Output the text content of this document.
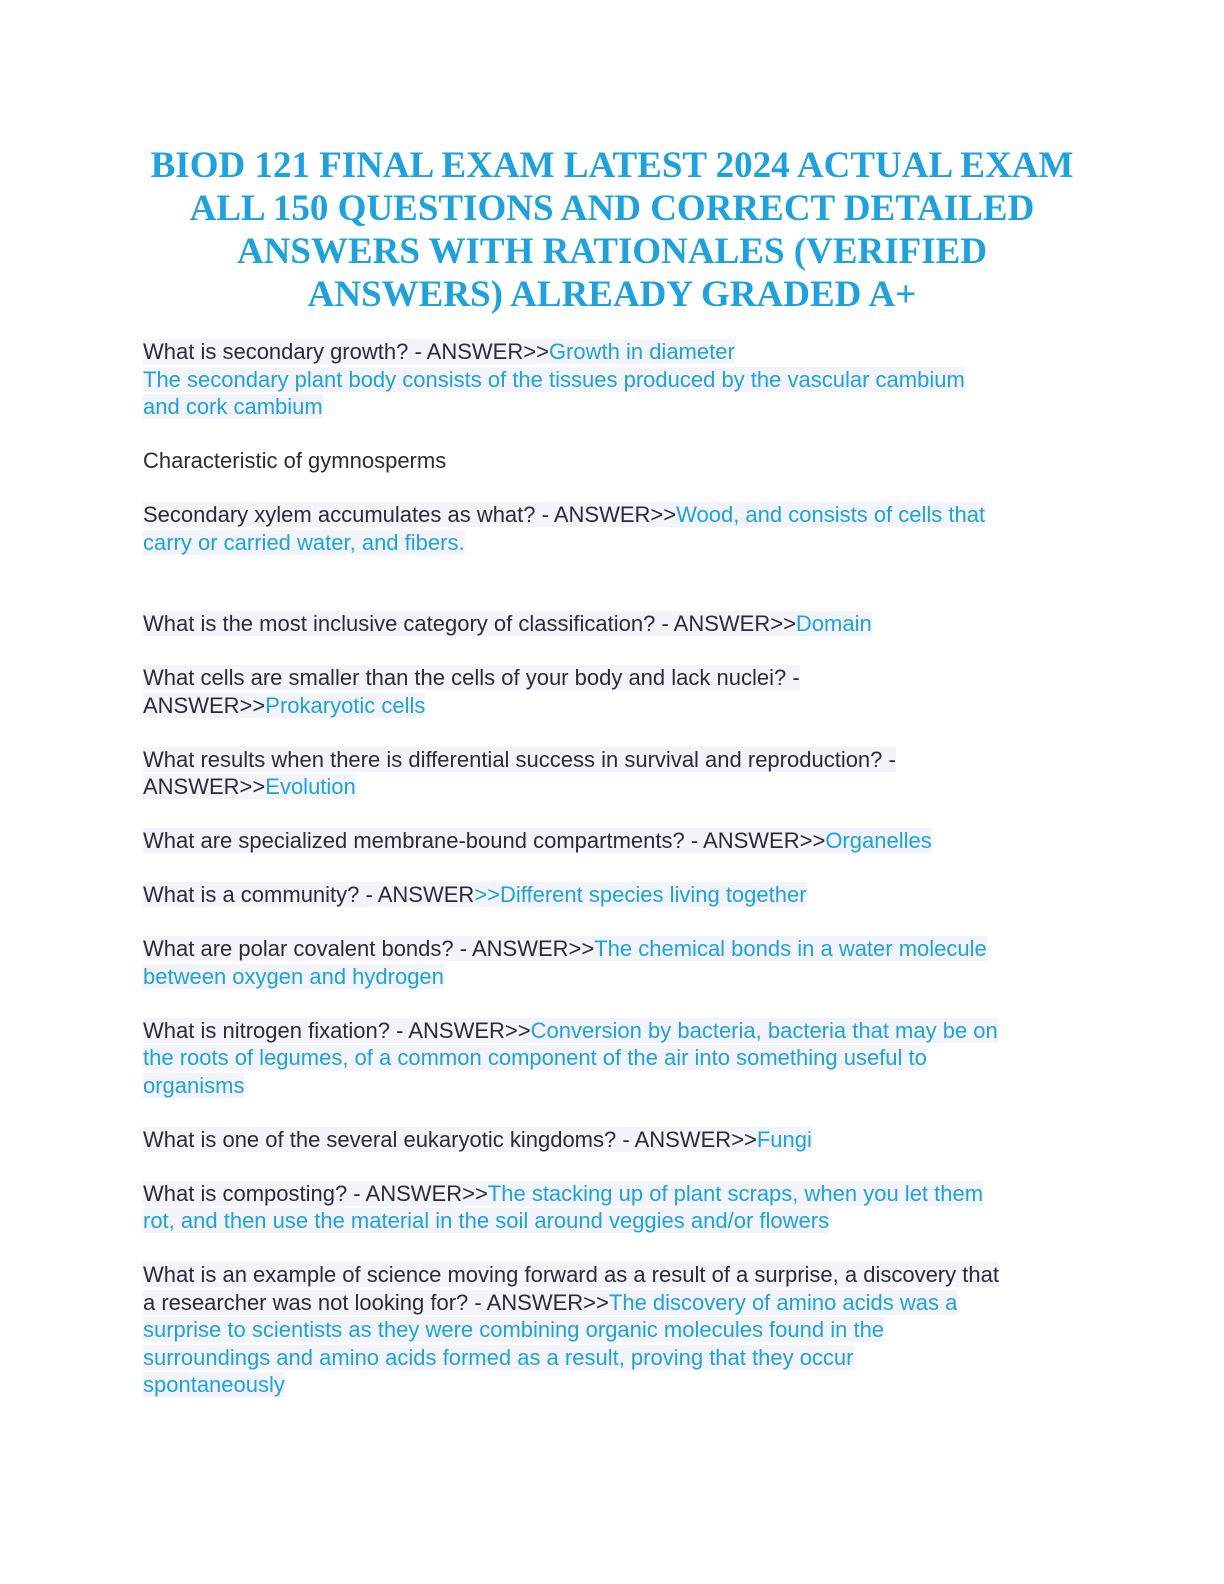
BIOD 121 FINAL EXAM LATEST 2024 ACTUAL EXAM
ALL 150 QUESTIONS AND CORRECT DETAILED
ANSWERS WITH RATIONALES (VERIFIED
ANSWERS) ALREADY GRADED A+
What is secondary growth? - ANSWER>>Growth in diameter
The secondary plant body consists of the tissues produced by the vascular cambium
and cork cambium
Characteristic of gymnosperms
Secondary xylem accumulates as what? - ANSWER>>Wood, and consists of cells that
carry or carried water, and fibers.
What is the most inclusive category of classification? - ANSWER>>Domain
What cells are smaller than the cells of your body and lack nuclei? -
ANSWER>>Prokaryotic cells
What results when there is differential success in survival and reproduction? -
ANSWER>>Evolution
What are specialized membrane-bound compartments? - ANSWER>>Organelles
What is a community? - ANSWER>>Different species living together
What are polar covalent bonds? - ANSWER>>The chemical bonds in a water molecule
between oxygen and hydrogen
What is nitrogen fixation? - ANSWER>>Conversion by bacteria, bacteria that may be on
the roots of legumes, of a common component of the air into something useful to
organisms
What is one of the several eukaryotic kingdoms? - ANSWER>>Fungi
What is composting? - ANSWER>>The stacking up of plant scraps, when you let them
rot, and then use the material in the soil around veggies and/or flowers
What is an example of science moving forward as a result of a surprise, a discovery that
a researcher was not looking for? - ANSWER>>The discovery of amino acids was a
surprise to scientists as they were combining organic molecules found in the
surroundings and amino acids formed as a result, proving that they occur
spontaneously
